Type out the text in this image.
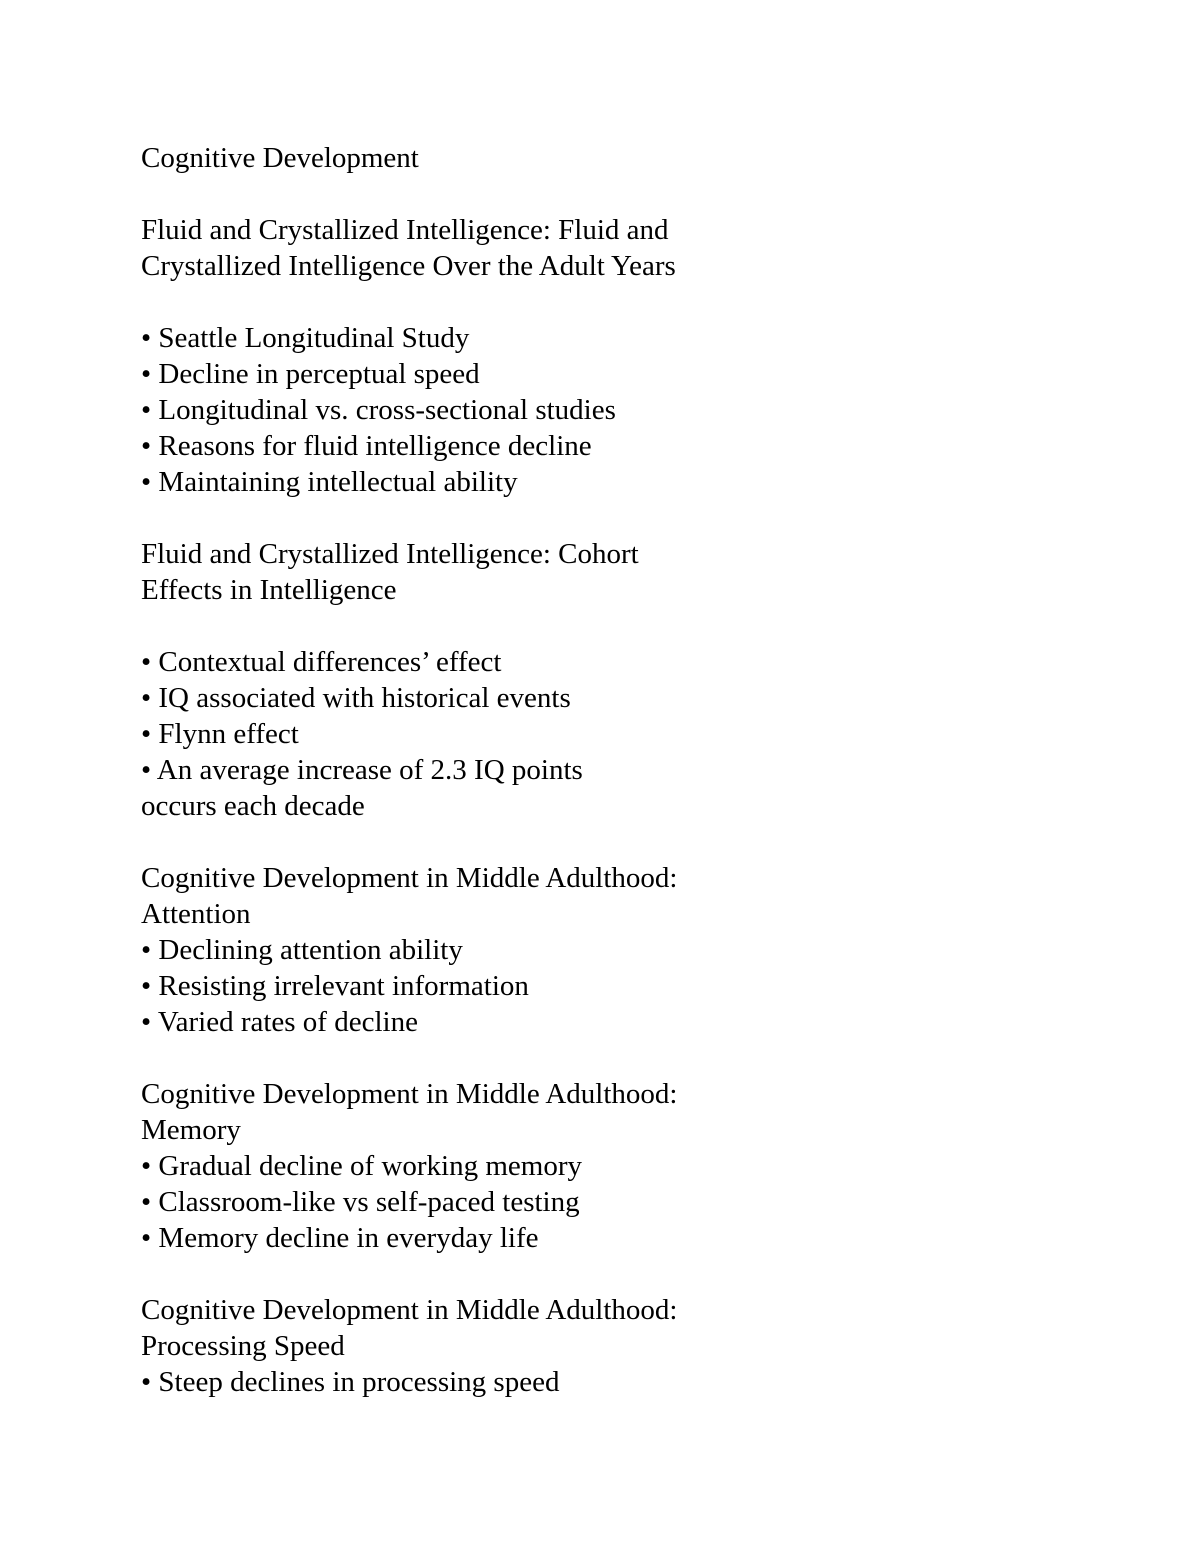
Cognitive Development
Fluid and Crystallized Intelligence: Fluid and
Crystallized Intelligence Over the Adult Years
• Seattle Longitudinal Study
• Decline in perceptual speed
• Longitudinal vs. cross-sectional studies
• Reasons for fluid intelligence decline
• Maintaining intellectual ability
Fluid and Crystallized Intelligence: Cohort
Effects in Intelligence
• Contextual differences’ effect
• IQ associated with historical events
• Flynn effect
• An average increase of 2.3 IQ points
occurs each decade
Cognitive Development in Middle Adulthood:
Attention
• Declining attention ability
• Resisting irrelevant information
• Varied rates of decline
Cognitive Development in Middle Adulthood:
Memory
• Gradual decline of working memory
• Classroom-like vs self-paced testing
• Memory decline in everyday life
Cognitive Development in Middle Adulthood:
Processing Speed
• Steep declines in processing speed
